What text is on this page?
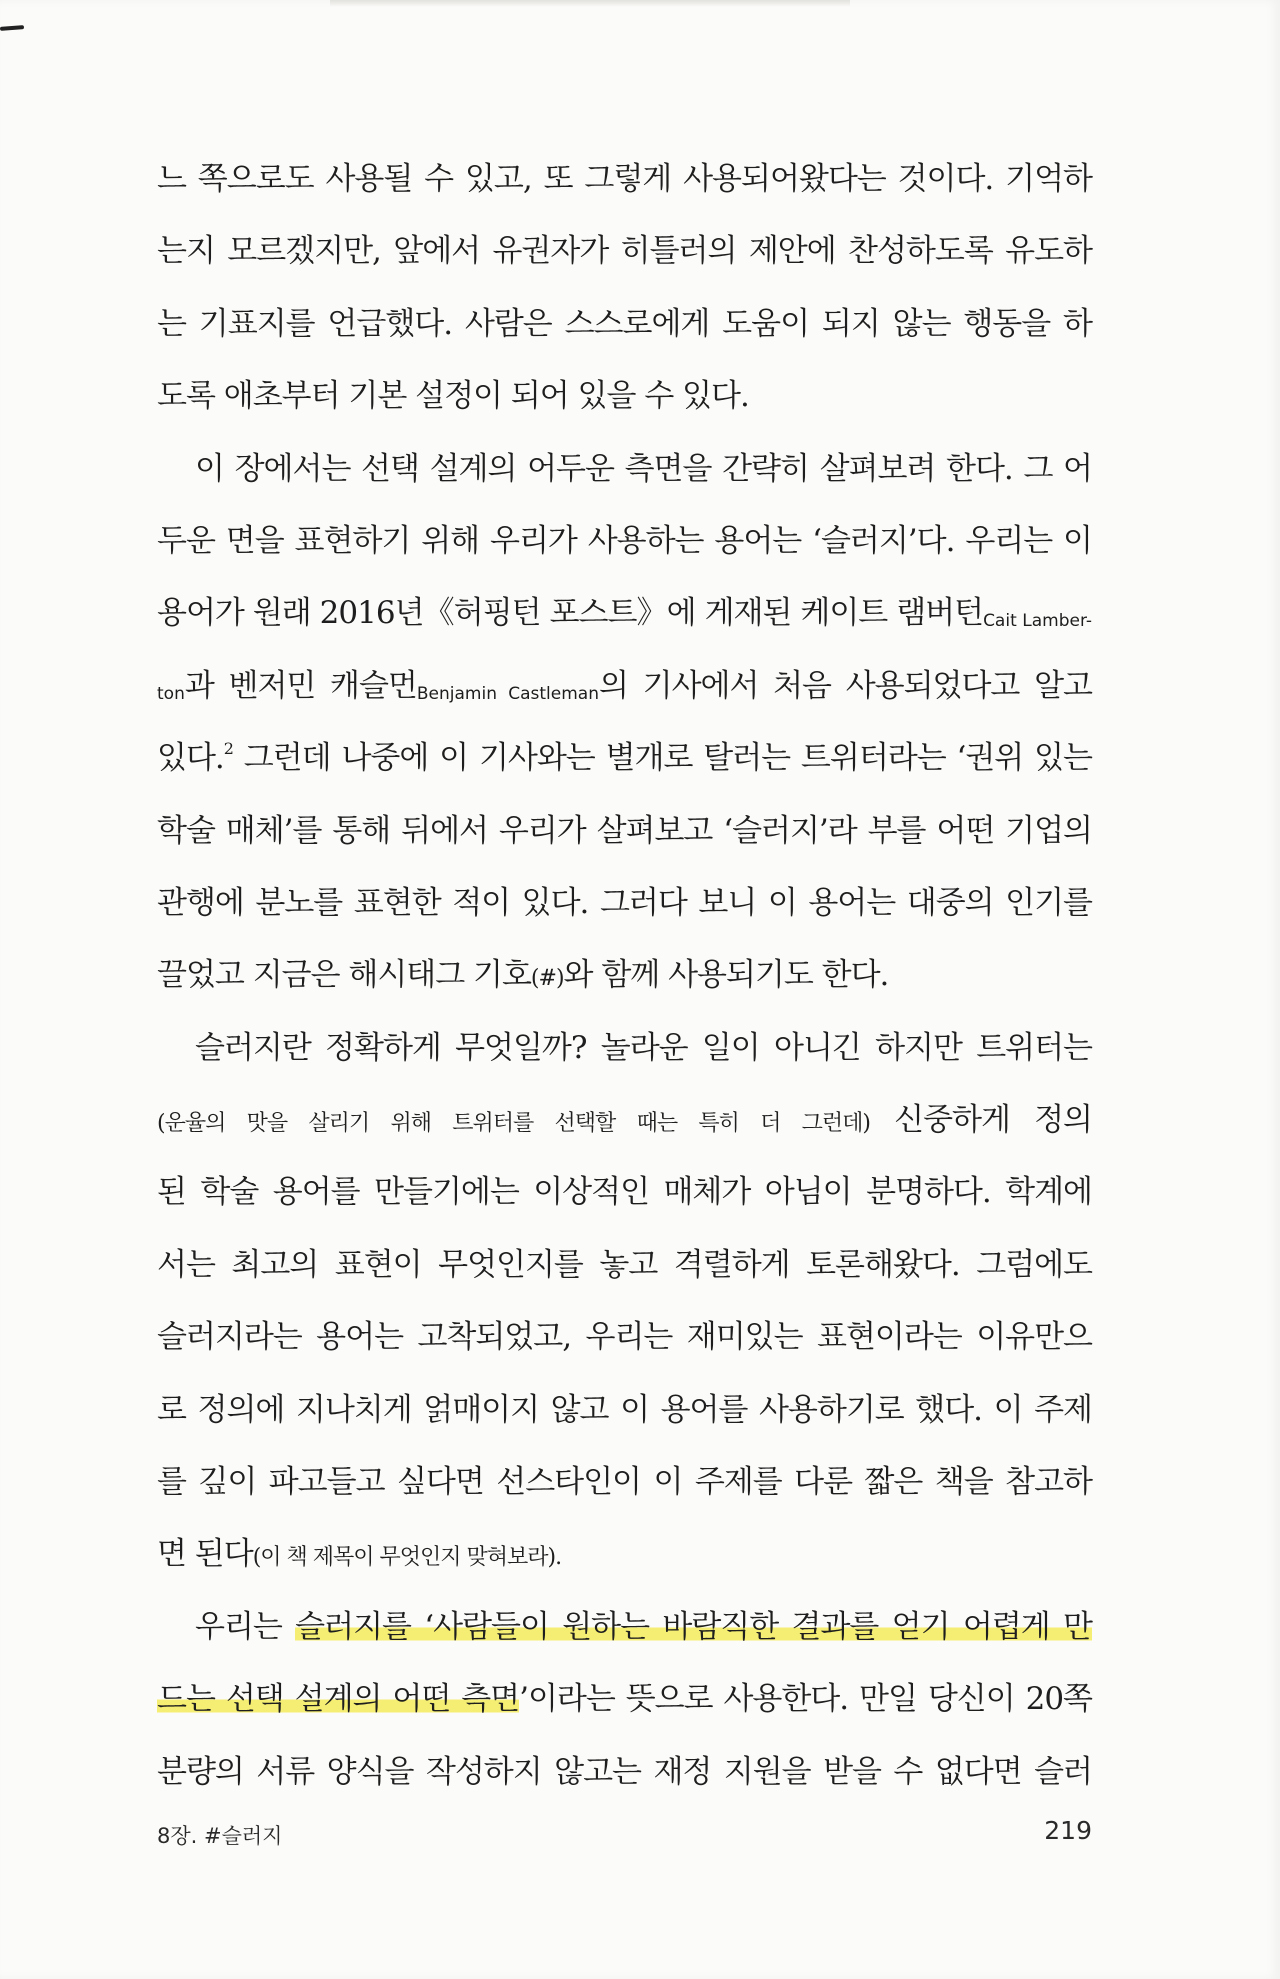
느 쪽으로도 사용될 수 있고, 또 그렇게 사용되어왔다는 것이다. 기억하
는지 모르겠지만, 앞에서 유권자가 히틀러의 제안에 찬성하도록 유도하
는 기표지를 언급했다. 사람은 스스로에게 도움이 되지 않는 행동을 하
도록 애초부터 기본 설정이 되어 있을 수 있다.
이 장에서는 선택 설계의 어두운 측면을 간략히 살펴보려 한다. 그 어
두운 면을 표현하기 위해 우리가 사용하는 용어는 ‘슬러지’다. 우리는 이
용어가 원래 2016년《허핑턴 포스트》에 게재된 케이트 램버턴Cait Lamber-
ton과 벤저민 캐슬먼Benjamin Castleman의 기사에서 처음 사용되었다고 알고
있다.$^2$ 그런데 나중에 이 기사와는 별개로 탈러는 트위터라는 ‘권위 있는
학술 매체’를 통해 뒤에서 우리가 살펴보고 ‘슬러지’라 부를 어떤 기업의
관행에 분노를 표현한 적이 있다. 그러다 보니 이 용어는 대중의 인기를
끌었고 지금은 해시태그 기호(#)와 함께 사용되기도 한다.
슬러지란 정확하게 무엇일까? 놀라운 일이 아니긴 하지만 트위터는
(운율의 맛을 살리기 위해 트위터를 선택할 때는 특히 더 그런데) 신중하게 정의
된 학술 용어를 만들기에는 이상적인 매체가 아님이 분명하다. 학계에
서는 최고의 표현이 무엇인지를 놓고 격렬하게 토론해왔다. 그럼에도
슬러지라는 용어는 고착되었고, 우리는 재미있는 표현이라는 이유만으
로 정의에 지나치게 얽매이지 않고 이 용어를 사용하기로 했다. 이 주제
를 깊이 파고들고 싶다면 선스타인이 이 주제를 다룬 짧은 책을 참고하
면 된다(이 책 제목이 무엇인지 맞혀보라).
우리는 슬러지를 ‘사람들이 원하는 바람직한 결과를 얻기 어렵게 만
드는 선택 설계의 어떤 측면’이라는 뜻으로 사용한다. 만일 당신이 20쪽
분량의 서류 양식을 작성하지 않고는 재정 지원을 받을 수 없다면 슬러
8장. #슬러지	219
